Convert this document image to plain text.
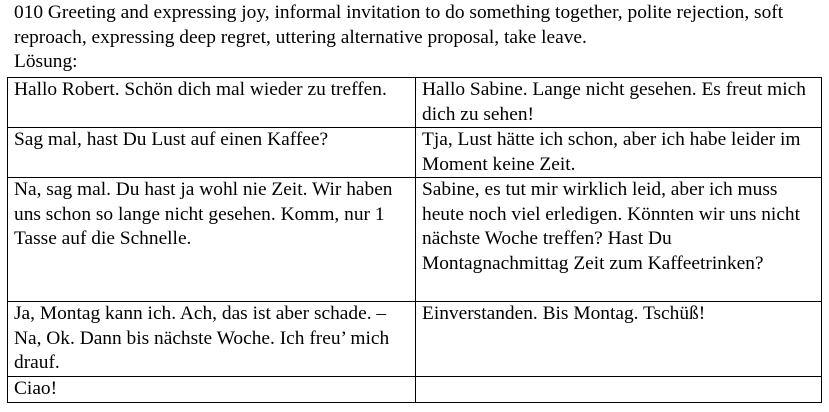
010 Greeting and expressing joy, informal invitation to do something together, polite rejection, soft reproach, expressing deep regret, uttering alternative proposal, take leave.
Lösung:
Hallo Robert. Schön dich mal wieder zu treffen.	Hallo Sabine. Lange nicht gesehen. Es freut mich dich zu sehen!
Sag mal, hast Du Lust auf einen Kaffee?	Tja, Lust hätte ich schon, aber ich habe leider im Moment keine Zeit.
Na, sag mal. Du hast ja wohl nie Zeit. Wir haben uns schon so lange nicht gesehen. Komm, nur 1 Tasse auf die Schnelle.	Sabine, es tut mir wirklich leid, aber ich muss heute noch viel erledigen. Könnten wir uns nicht nächste Woche treffen? Hast Du Montagnachmittag Zeit zum Kaffeetrinken?
Ja, Montag kann ich. Ach, das ist aber schade. – Na, Ok. Dann bis nächste Woche. Ich freu’ mich drauf.	Einverstanden. Bis Montag. Tschüß!
Ciao!	
